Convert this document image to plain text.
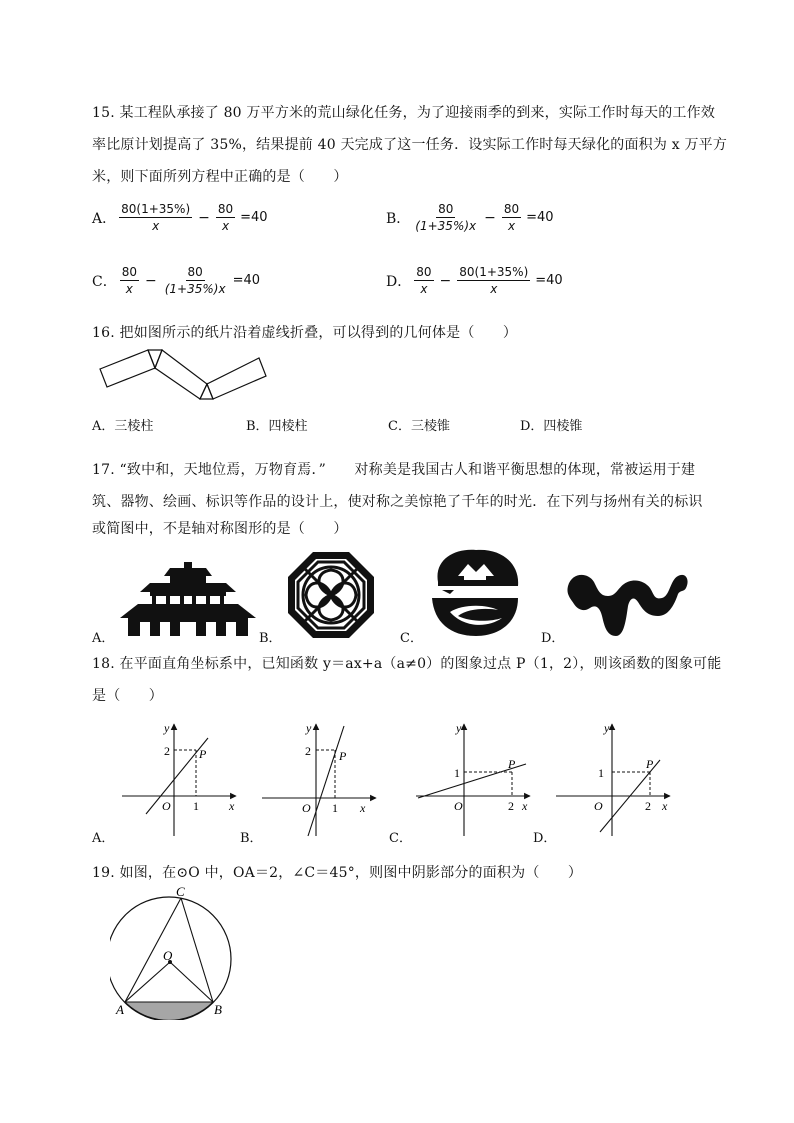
15. 某工程队承接了 80 万平方米的荒山绿化任务，为了迎接雨季的到来，实际工作时每天的工作效
率比原计划提高了 35%，结果提前 40 天完成了这一任务．设实际工作时每天绿化的面积为 x 万平方
米，则下面所列方程中正确的是（　　）
A． $\frac{80(1+35\%)}{x} - \frac{80}{x} =40$	B． $\frac{80}{(1+35\%)x} - \frac{80}{x} =40$
C． $\frac{80}{x} - \frac{80}{(1+35\%)x} =40$	D． $\frac{80}{x} - \frac{80(1+35\%)}{x} =40$
16. 把如图所示的纸片沿着虚线折叠，可以得到的几何体是（　　）
A．三棱柱	B．四棱柱	C．三棱锥	D．四棱锥
17. “致中和，天地位焉，万物育焉．”　　对称美是我国古人和谐平衡思想的体现，常被运用于建
筑、器物、绘画、标识等作品的设计上，使对称之美惊艳了千年的时光．在下列与扬州有关的标识
或简图中，不是轴对称图形的是（　　）
A．	B．	C．	D．
18. 在平面直角坐标系中，已知函数 y＝ax+a（a≠0）的图象过点 P（1，2），则该函数的图象可能
是（　　）
A．
y
x
O
P
2
1
B．
y
x
O
P
2
1
C．
y
x
O
P
1
2
D．
y
x
O
P
1
2
19. 如图，在⊙O 中，OA＝2，∠C＝45°，则图中阴影部分的面积为（　　）
C
O
A	B
